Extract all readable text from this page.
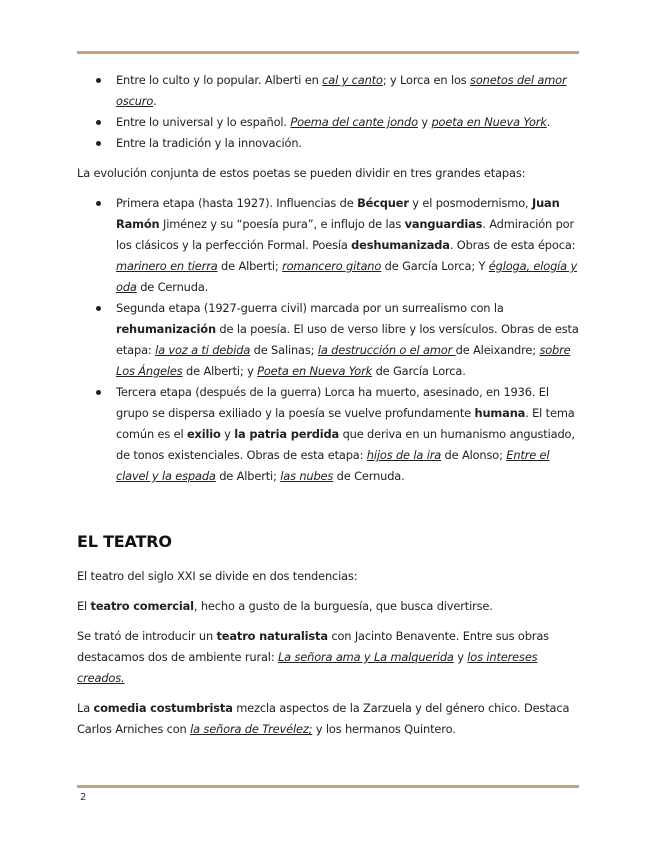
Entre lo culto y lo popular. Alberti en cal y canto; y Lorca en los sonetos del amor oscuro.
Entre lo universal y lo español. Poema del cante jondo y poeta en Nueva York.
Entre la tradición y la innovación.

La evolución conjunta de estos poetas se pueden dividir en tres grandes etapas:

Primera etapa (hasta 1927). Influencias de Bécquer y el posmodernismo, Juan Ramón Jiménez y su “poesía pura”, e influjo de las vanguardias. Admiración por los clásicos y la perfección Formal. Poesía deshumanizada. Obras de esta época: marinero en tierra de Alberti; romancero gitano de García Lorca; Y égloga, elogía y oda de Cernuda.
Segunda etapa (1927-guerra civil) marcada por un surrealismo con la rehumanización de la poesía. El uso de verso libre y los versículos. Obras de esta etapa: la voz a ti debida de Salinas; la destrucción o el amor de Aleixandre; sobre Los Ángeles de Alberti; y Poeta en Nueva York de García Lorca.
Tercera etapa (después de la guerra) Lorca ha muerto, asesinado, en 1936. El grupo se dispersa exiliado y la poesía se vuelve profundamente humana. El tema común es el exilio y la patria perdida que deriva en un humanismo angustiado, de tonos existenciales. Obras de esta etapa: hijos de la ira de Alonso; Entre el clavel y la espada de Alberti; las nubes de Cernuda.
EL TEATRO

El teatro del siglo XXI se divide en dos tendencias:

El teatro comercial, hecho a gusto de la burguesía, que busca divertirse.

Se trató de introducir un teatro naturalista con Jacinto Benavente. Entre sus obras destacamos dos de ambiente rural: La señora ama y La malquerida y los intereses creados.

La comedia costumbrista mezcla aspectos de la Zarzuela y del género chico. Destaca Carlos Arniches con la señora de Trevélez; y los hermanos Quintero.

2
